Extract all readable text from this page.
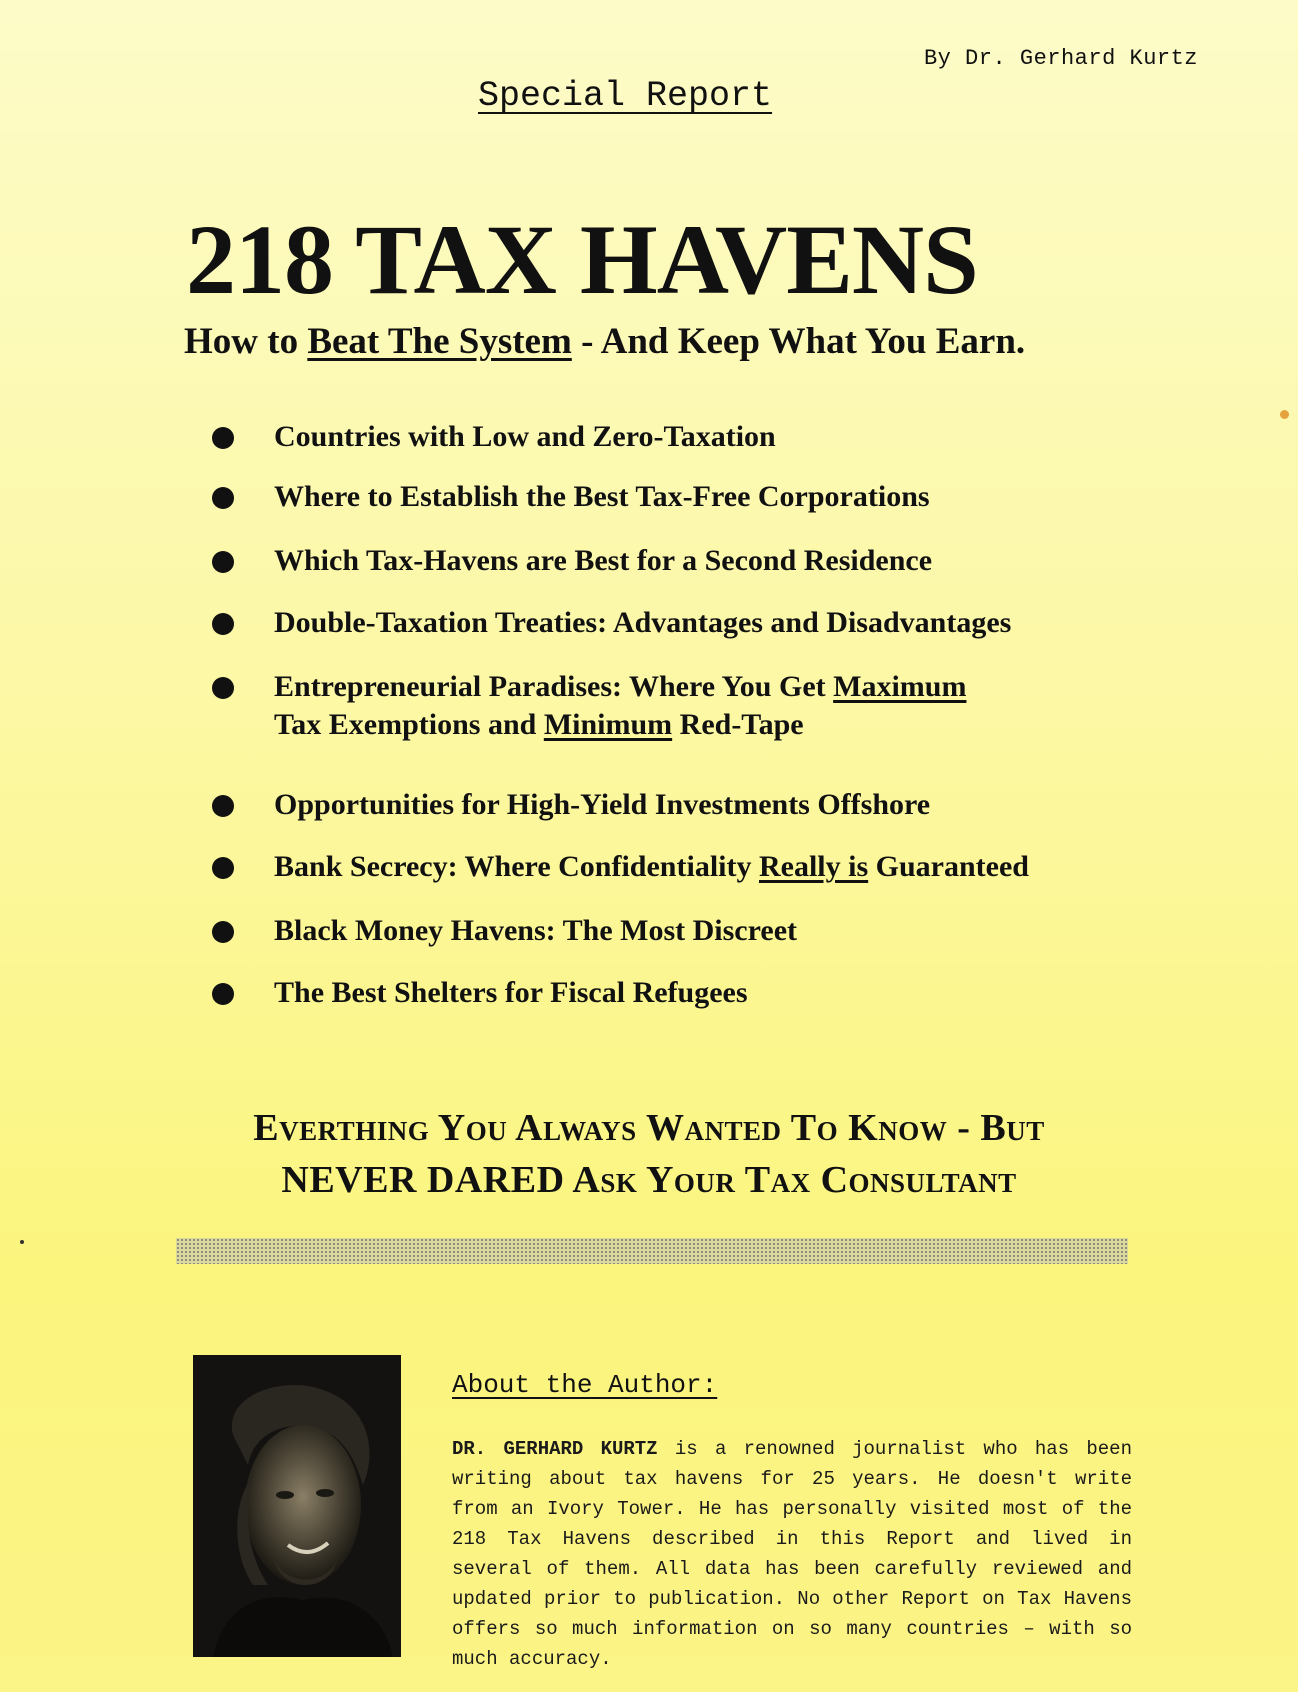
By Dr. Gerhard Kurtz
Special Report
218 TAX HAVENS
How to Beat The System - And Keep What You Earn.
Countries with Low and Zero-Taxation
Where to Establish the Best Tax-Free Corporations
Which Tax-Havens are Best for a Second Residence
Double-Taxation Treaties: Advantages and Disadvantages
Entrepreneurial Paradises: Where You Get Maximum
Tax Exemptions and Minimum Red-Tape
Opportunities for High-Yield Investments Offshore
Bank Secrecy: Where Confidentiality Really is Guaranteed
Black Money Havens: The Most Discreet
The Best Shelters for Fiscal Refugees
Everthing You Always Wanted To Know - But
NEVER DARED Ask Your Tax Consultant
About the Author:
DR. GERHARD KURTZ is a renowned journalist who has been writing about tax havens for 25 years. He doesn't write from an Ivory Tower. He has personally visited most of the 218 Tax Havens described in this Report and lived in several of them. All data has been carefully reviewed and updated prior to publication. No other Report on Tax Havens offers so much information on so many countries – with so much accuracy.
